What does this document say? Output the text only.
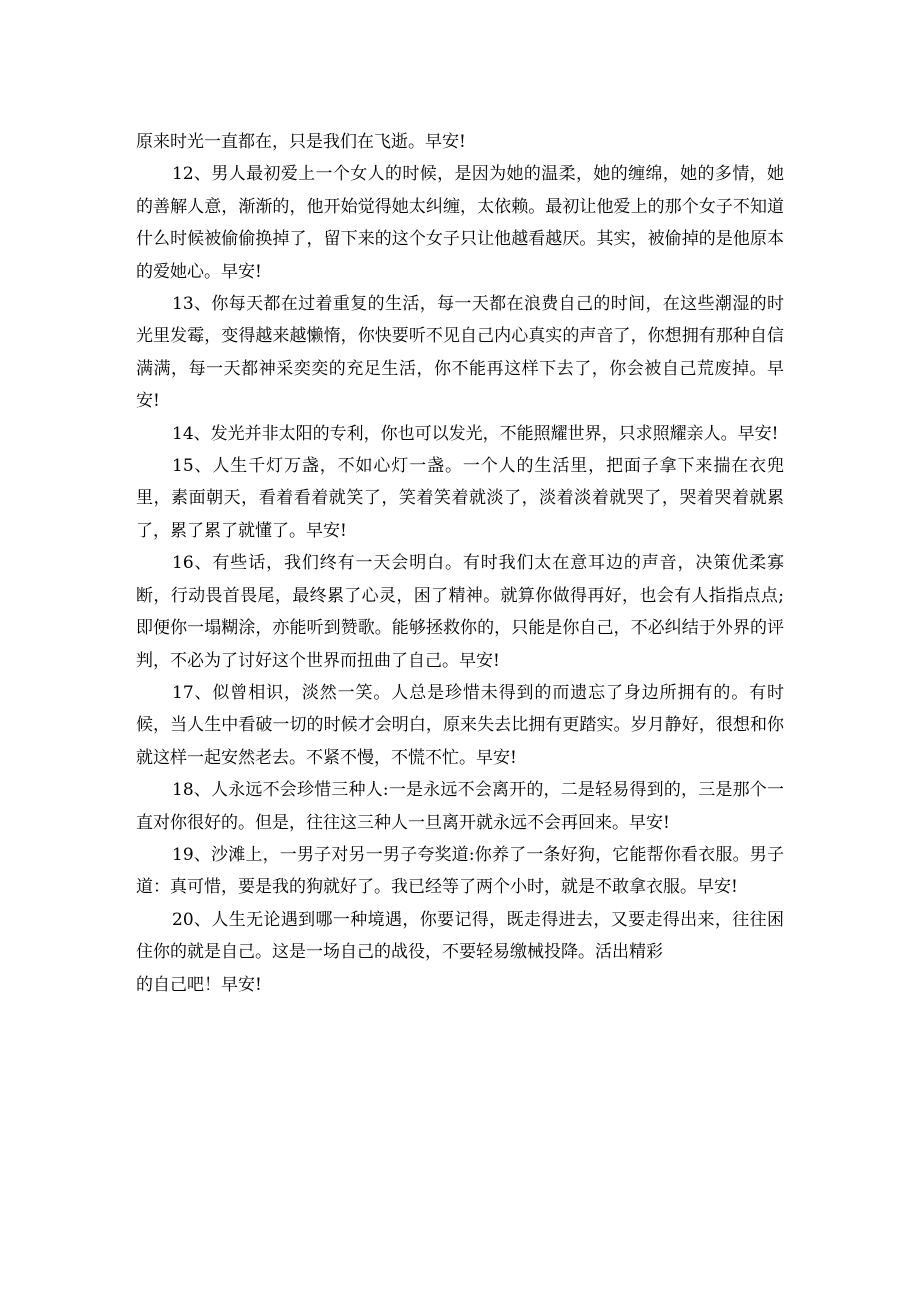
原来时光一直都在，只是我们在飞逝。早安!

12、男人最初爱上一个女人的时候，是因为她的温柔，她的缠绵，她的多情，她的善解人意，渐渐的，他开始觉得她太纠缠，太依赖。最初让他爱上的那个女子不知道什么时候被偷偷换掉了，留下来的这个女子只让他越看越厌。其实，被偷掉的是他原本的爱她心。早安!

13、你每天都在过着重复的生活，每一天都在浪费自己的时间，在这些潮湿的时光里发霉，变得越来越懒惰，你快要听不见自己内心真实的声音了，你想拥有那种自信满满，每一天都神采奕奕的充足生活，你不能再这样下去了，你会被自己荒废掉。早安!

14、发光并非太阳的专利，你也可以发光，不能照耀世界，只求照耀亲人。早安!

15、人生千灯万盏，不如心灯一盏。一个人的生活里，把面子拿下来揣在衣兜里，素面朝天，看着看着就笑了，笑着笑着就淡了，淡着淡着就哭了，哭着哭着就累了，累了累了就懂了。早安!

16、有些话，我们终有一天会明白。有时我们太在意耳边的声音，决策优柔寡断，行动畏首畏尾，最终累了心灵，困了精神。就算你做得再好，也会有人指指点点;即便你一塌糊涂，亦能听到赞歌。能够拯救你的，只能是你自己，不必纠结于外界的评判，不必为了讨好这个世界而扭曲了自己。早安!

17、似曾相识，淡然一笑。人总是珍惜未得到的而遗忘了身边所拥有的。有时候，当人生中看破一切的时候才会明白，原来失去比拥有更踏实。岁月静好，很想和你就这样一起安然老去。不紧不慢，不慌不忙。早安!

18、人永远不会珍惜三种人:一是永远不会离开的，二是轻易得到的，三是那个一直对你很好的。但是，往往这三种人一旦离开就永远不会再回来。早安!

19、沙滩上，一男子对另一男子夸奖道:你养了一条好狗，它能帮你看衣服。男子道：真可惜，要是我的狗就好了。我已经等了两个小时，就是不敢拿衣服。早安!

20、人生无论遇到哪一种境遇，你要记得，既走得进去，又要走得出来，往往困住你的就是自己。这是一场自己的战役，不要轻易缴械投降。活出精彩

的自己吧！早安!
